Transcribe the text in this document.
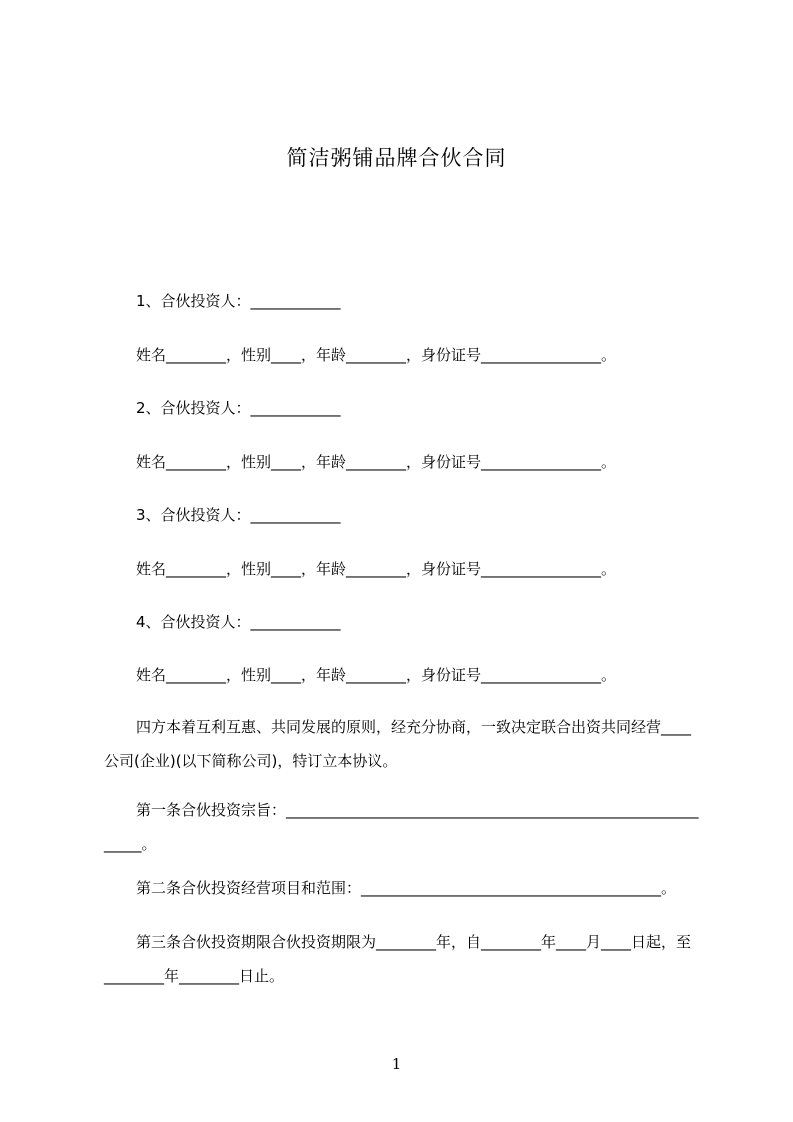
简洁粥铺品牌合伙合同
1、合伙投资人：____________
姓名________，性别____，年龄________，身份证号________________。
2、合伙投资人：____________
姓名________，性别____，年龄________，身份证号________________。
3、合伙投资人：____________
姓名________，性别____，年龄________，身份证号________________。
4、合伙投资人：____________
姓名________，性别____，年龄________，身份证号________________。
四方本着互利互惠、共同发展的原则，经充分协商，一致决定联合出资共同经营____公司(企业)(以下简称公司)，特订立本协议。
第一条合伙投资宗旨：____________________________________________________________。
第二条合伙投资经营项目和范围：________________________________________。
第三条合伙投资期限合伙投资期限为________年，自________年____月____日起，至________年________日止。
1
